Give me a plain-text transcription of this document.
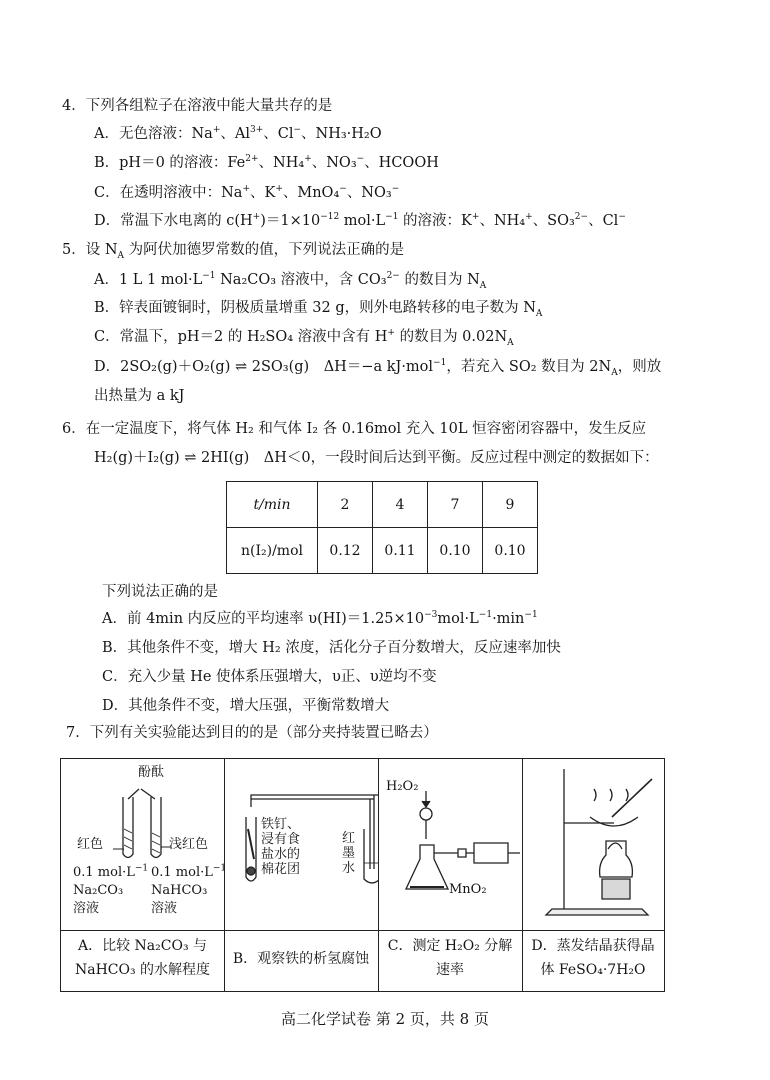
4．下列各组粒子在溶液中能大量共存的是
A．无色溶液：Na+、$Al^{3+}$、Cl−、NH₃·H₂O
B．pH＝0 的溶液：$Fe^{2+}$、NH₄+、NO₃−、HCOOH
C．在透明溶液中：Na+、K+、MnO₄−、NO₃−
D．常温下水电离的 $c(H^+)=1\times 10^{-12}$ $mol\cdot L^{-1}$ 的溶液：K+、NH₄+、SO₃$^{2-}$、Cl−
5．设 $N_A$ 为阿伏加德罗常数的值，下列说法正确的是
A．1 L 1 $mol\cdot L^{-1}$ Na₂CO₃ 溶液中，含 CO₃$^{2-}$ 的数目为 $N_A$
B．锌表面镀铜时，阴极质量增重 32 g，则外电路转移的电子数为 $N_A$
C．常温下，pH＝2 的 H₂SO₄ 溶液中含有 H+ 的数目为 $0.02N_A$
D．2SO₂(g)＋O₂(g) ⇌ 2SO₃(g)　ΔH＝−a kJ·mol$^{-1}$，若充入 SO₂ 数目为 $2N_A$，则放
出热量为 a kJ
6．在一定温度下，将气体 H₂ 和气体 I₂ 各 0.16mol 充入 10L 恒容密闭容器中，发生反应
H₂(g)＋I₂(g) ⇌ 2HI(g)　ΔH＜0，一段时间后达到平衡。反应过程中测定的数据如下：
t/min	2	4	7	9
n(I₂)/mol	0.12	0.11	0.10	0.10
下列说法正确的是
A．前 4min 内反应的平均速率 $\upsilon(HI)=1.25\times 10^{-3}mol\cdot L^{-1}\cdot\min^{-1}$
B．其他条件不变，增大 H₂ 浓度，活化分子百分数增大，反应速率加快
C．充入少量 He 使体系压强增大，υ正、υ逆均不变
D．其他条件不变，增大压强，平衡常数增大
7．下列有关实验能达到目的的是（部分夹持装置已略去）
酚酞
红色	浅红色
0.1 $mol\cdot L^{-1}$ 0.1 $mol\cdot L^{-1}$
Na₂CO₃ NaHCO₃
溶液	溶液
铁钉、
浸有食
盐水的
棉花团
红
墨
水
H₂O₂
MnO₂
A．比较 Na₂CO₃ 与
NaHCO₃ 的水解程度
B．观察铁的析氢腐蚀
C．测定 H₂O₂ 分解
速率
D．蒸发结晶获得晶
体 FeSO₄·7H₂O
高二化学试卷 第 2 页，共 8 页
